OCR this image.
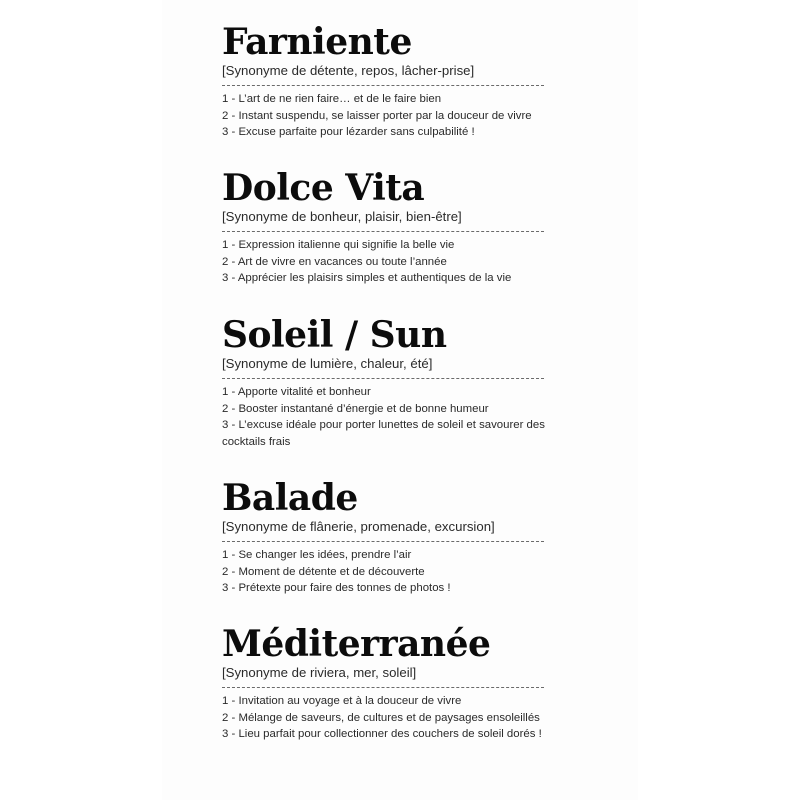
Farniente
[Synonyme de détente, repos, lâcher-prise]
1 - L’art de ne rien faire… et de le faire bien
2 - Instant suspendu, se laisser porter par la douceur de vivre
3 - Excuse parfaite pour lézarder sans culpabilité !
Dolce Vita
[Synonyme de bonheur, plaisir, bien-être]
1 - Expression italienne qui signifie la belle vie
2 - Art de vivre en vacances ou toute l’année
3 - Apprécier les plaisirs simples et authentiques de la vie
Soleil / Sun
[Synonyme de lumière, chaleur, été]
1 - Apporte vitalité et bonheur
2 - Booster instantané d’énergie et de bonne humeur
3 - L’excuse idéale pour porter lunettes de soleil et savourer des cocktails frais
Balade
[Synonyme de flânerie, promenade, excursion]
1 - Se changer les idées, prendre l’air
2 - Moment de détente et de découverte
3 - Prétexte pour faire des tonnes de photos !
Méditerranée
[Synonyme de riviera, mer, soleil]
1 - Invitation au voyage et à la douceur de vivre
2 - Mélange de saveurs, de cultures et de paysages ensoleillés
3 - Lieu parfait pour collectionner des couchers de soleil dorés !
